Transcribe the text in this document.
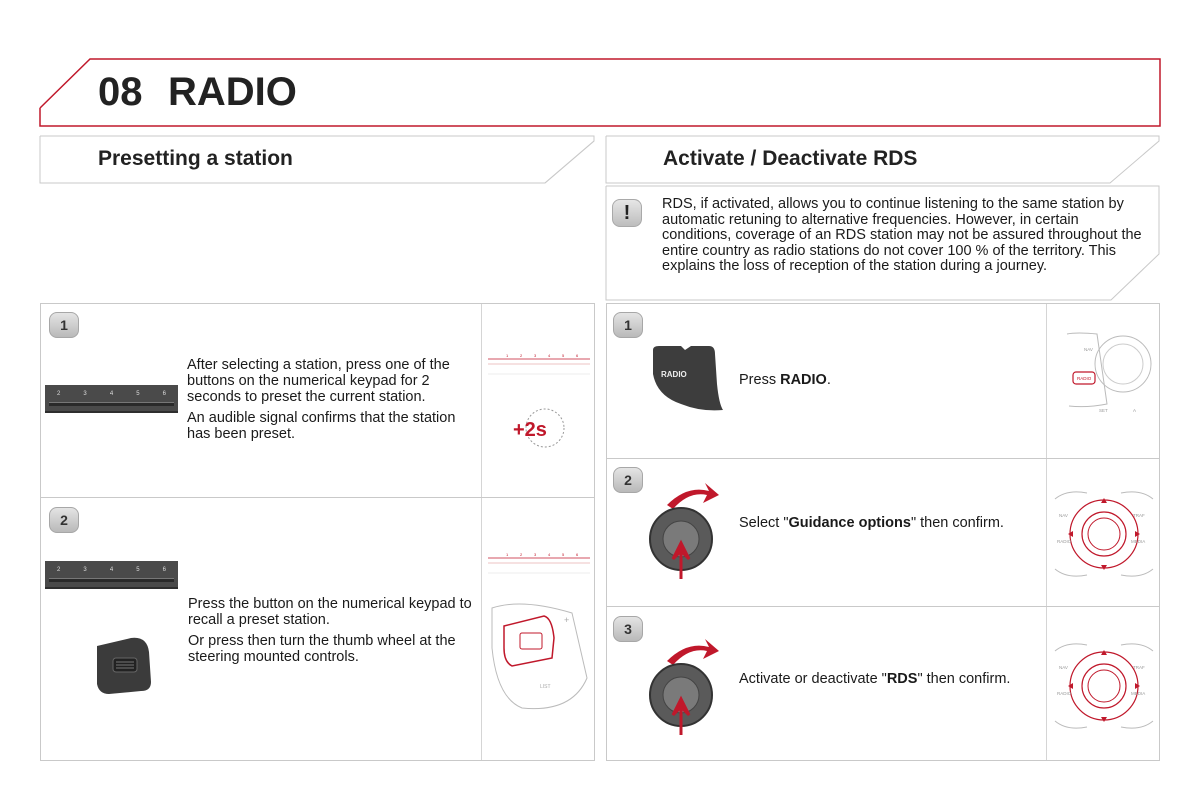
08 RADIO
Presetting a station	Activate / Deactivate RDS
!	RDS, if activated, allows you to continue listening to the same station by automatic retuning to alternative frequencies. However, in certain conditions, coverage of an RDS station may not be assured throughout the entire country as radio stations do not cover 100 % of the territory. This explains the loss of reception of the station during a journey.
1
2	3	4	5	6

After selecting a station, press one of the buttons on the numerical keypad for 2 seconds to preset the current station.

An audible signal confirms that the station has been preset.

1	2	3	4	5	6
+2s
2
2	3	4	5	6

Press the button on the numerical keypad to recall a preset station.

Or press then turn the thumb wheel at the steering mounted controls.

1	2	3	4	5	6
+
LIST
1
RADIO	Press RADIO.
NAV
RADIO
SET	A
2
Select "Guidance options" then confirm.	NAV	TRAF
RADIO	MEDIA
3
Activate or deactivate "RDS" then confirm.
NAV	TRAF
RADIO	MEDIA
